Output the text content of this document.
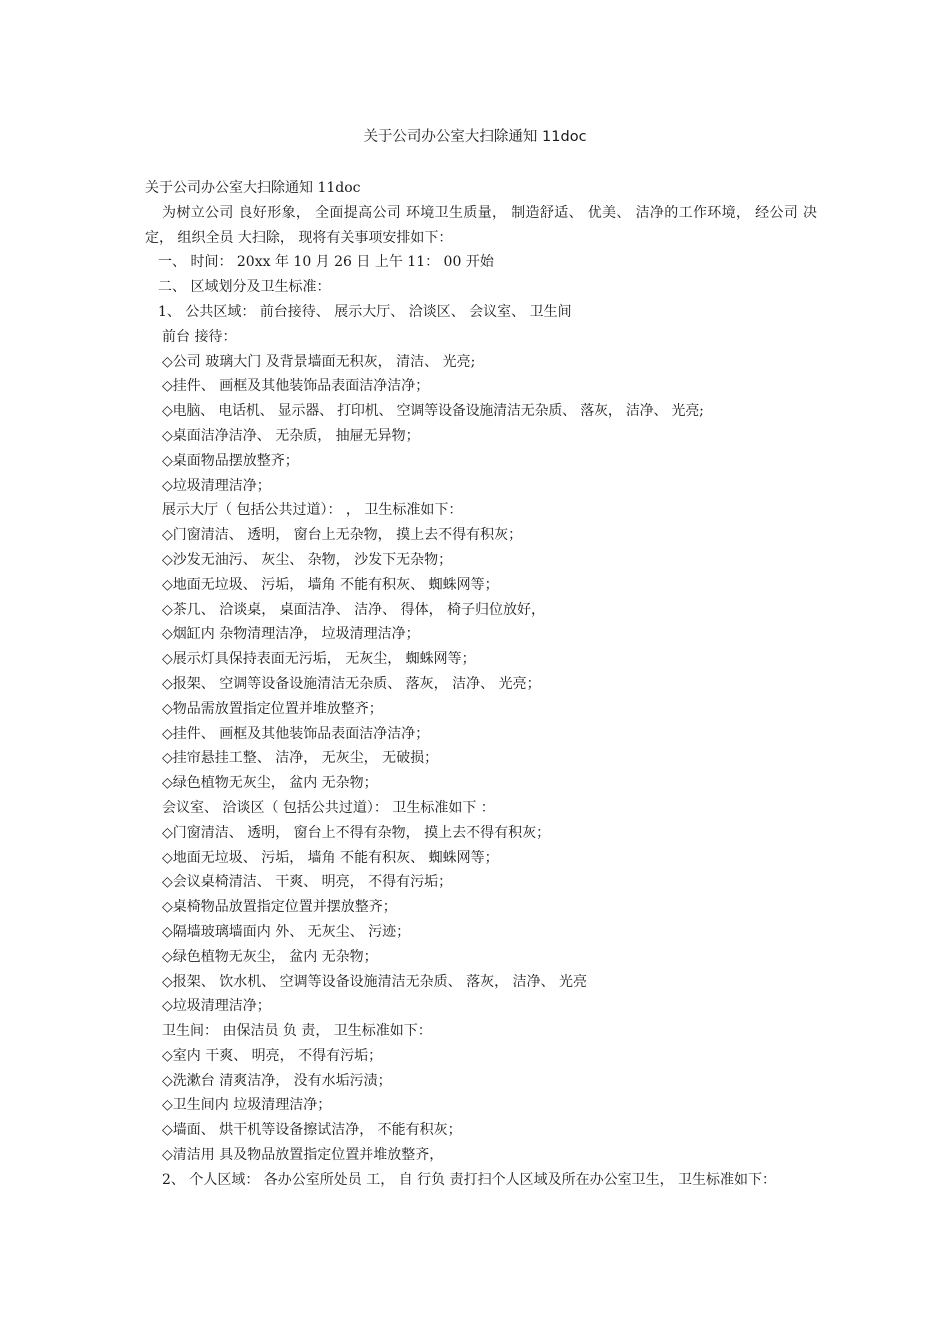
关于公司办公室大扫除通知 11doc
关于公司办公室大扫除通知 11doc

为树立公司 良好形象， 全面提高公司 环境卫生质量， 制造舒适、 优美、 洁净的工作环境， 经公司 决定， 组织全员 大扫除， 现将有关事项安排如下：

一、 时间： 20xx 年 10 月 26 日 上午 11： 00 开始
二、 区域划分及卫生标准：
1、 公共区域： 前台接待、 展示大厅、 洽谈区、 会议室、 卫生间
前台 接待：
◇公司 玻璃大门 及背景墙面无积灰， 清洁、 光亮;
◇挂件、 画框及其他装饰品表面洁净洁净；
◇电脑、 电话机、 显示器、 打印机、 空调等设备设施清洁无杂质、 落灰， 洁净、 光亮;
◇桌面洁净洁净、 无杂质， 抽屉无异物；
◇桌面物品摆放整齐；
◇垃圾清理洁净；
展示大厅（ 包括公共过道）： ， 卫生标准如下：
◇门窗清洁、 透明， 窗台上无杂物， 摸上去不得有积灰；
◇沙发无油污、 灰尘、 杂物， 沙发下无杂物；
◇地面无垃圾、 污垢， 墙角 不能有积灰、 蜘蛛网等；
◇茶几、 洽谈桌， 桌面洁净、 洁净、 得体， 椅子归位放好，
◇烟缸内 杂物清理洁净， 垃圾清理洁净；
◇展示灯具保持表面无污垢， 无灰尘， 蜘蛛网等；
◇报架、 空调等设备设施清洁无杂质、 落灰， 洁净、 光亮；
◇物品需放置指定位置并堆放整齐；
◇挂件、 画框及其他装饰品表面洁净洁净；
◇挂帘悬挂工整、 洁净， 无灰尘， 无破损；
◇绿色植物无灰尘， 盆内 无杂物；
会议室、 洽谈区（ 包括公共过道）： 卫生标准如下 ：
◇门窗清洁、 透明， 窗台上不得有杂物， 摸上去不得有积灰；
◇地面无垃圾、 污垢， 墙角 不能有积灰、 蜘蛛网等；
◇会议桌椅清洁、 干爽、 明亮， 不得有污垢；
◇桌椅物品放置指定位置并摆放整齐；
◇隔墙玻璃墙面内 外、 无灰尘、 污迹；
◇绿色植物无灰尘， 盆内 无杂物；
◇报架、 饮水机、 空调等设备设施清洁无杂质、 落灰， 洁净、 光亮
◇垃圾清理洁净；
卫生间： 由保洁员 负 责， 卫生标准如下：
◇室内 干爽、 明亮， 不得有污垢；
◇洗漱台 清爽洁净， 没有水垢污渍；
◇卫生间内 垃圾清理洁净；
◇墙面、 烘干机等设备擦试洁净， 不能有积灰；
◇清洁用 具及物品放置指定位置并堆放整齐，

2、 个人区域： 各办公室所处员 工， 自 行负 责打扫个人区域及所在办公室卫生， 卫生标准如下：
